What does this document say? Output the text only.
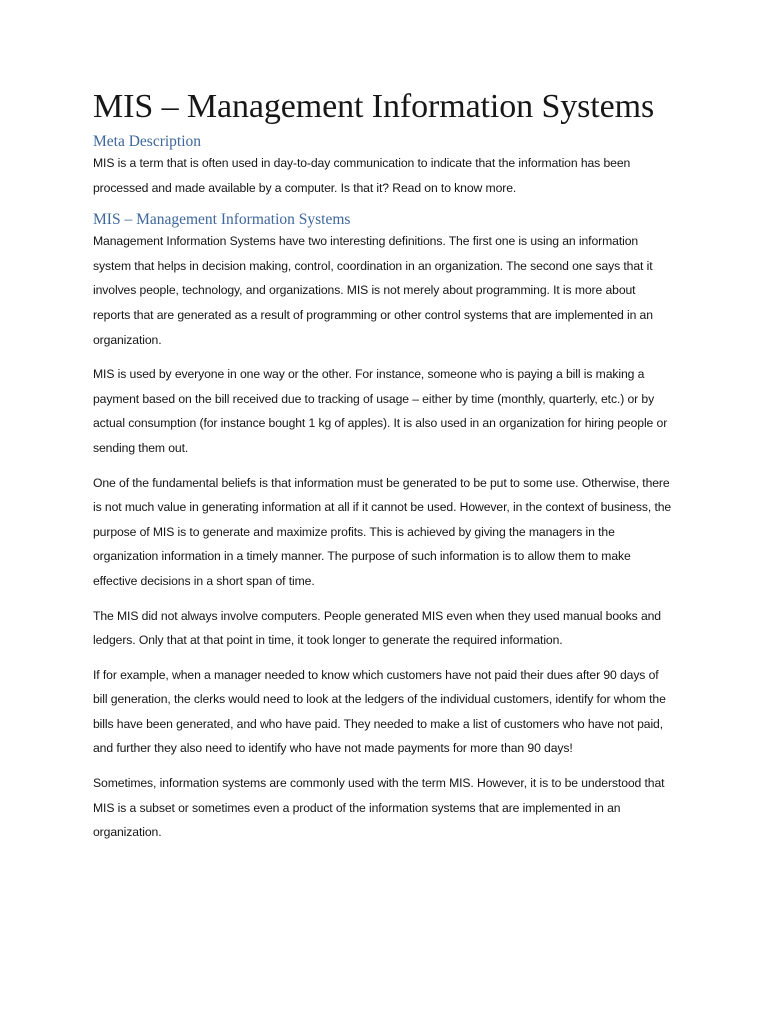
MIS – Management Information Systems
Meta Description

MIS is a term that is often used in day-to-day communication to indicate that the information has been processed and made available by a computer. Is that it? Read on to know more.

MIS – Management Information Systems

Management Information Systems have two interesting definitions. The first one is using an information system that helps in decision making, control, coordination in an organization. The second one says that it involves people, technology, and organizations. MIS is not merely about programming. It is more about reports that are generated as a result of programming or other control systems that are implemented in an organization.

MIS is used by everyone in one way or the other. For instance, someone who is paying a bill is making a payment based on the bill received due to tracking of usage – either by time (monthly, quarterly, etc.) or by actual consumption (for instance bought 1 kg of apples). It is also used in an organization for hiring people or sending them out.

One of the fundamental beliefs is that information must be generated to be put to some use. Otherwise, there is not much value in generating information at all if it cannot be used. However, in the context of business, the purpose of MIS is to generate and maximize profits. This is achieved by giving the managers in the organization information in a timely manner. The purpose of such information is to allow them to make effective decisions in a short span of time.

The MIS did not always involve computers. People generated MIS even when they used manual books and ledgers. Only that at that point in time, it took longer to generate the required information.

If for example, when a manager needed to know which customers have not paid their dues after 90 days of bill generation, the clerks would need to look at the ledgers of the individual customers, identify for whom the bills have been generated, and who have paid. They needed to make a list of customers who have not paid, and further they also need to identify who have not made payments for more than 90 days!

Sometimes, information systems are commonly used with the term MIS. However, it is to be understood that MIS is a subset or sometimes even a product of the information systems that are implemented in an organization.
